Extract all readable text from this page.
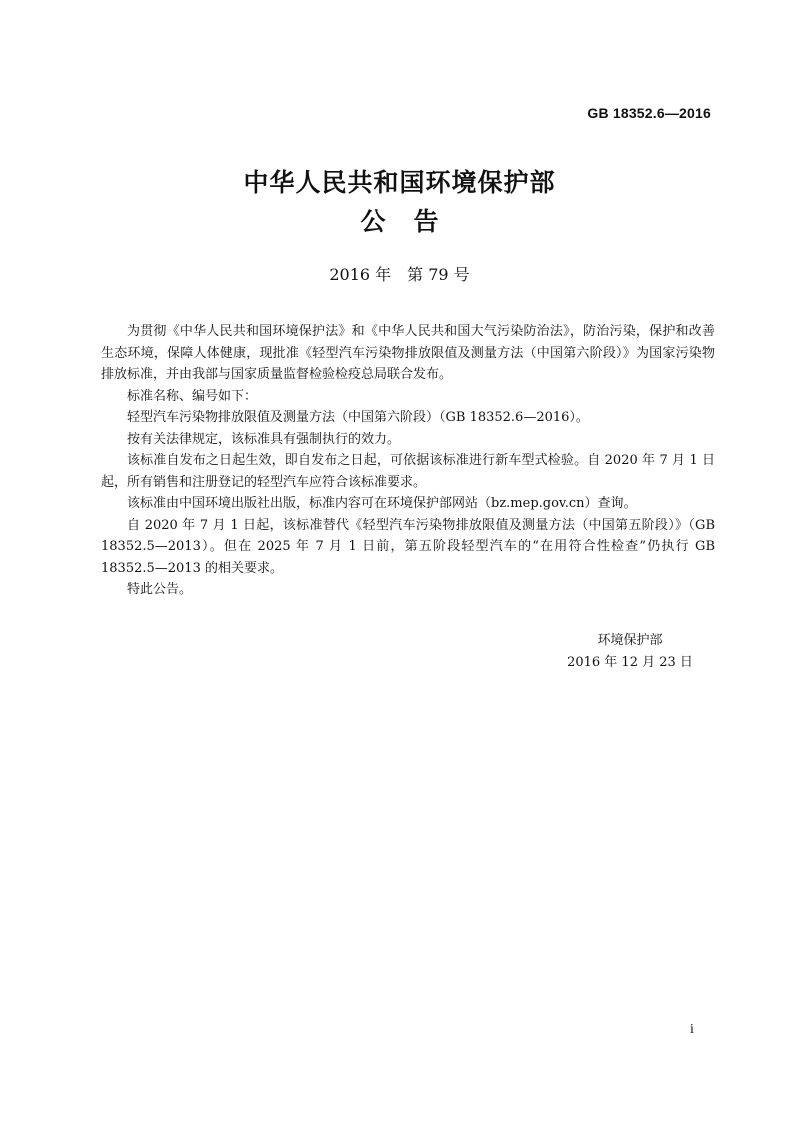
GB 18352.6—2016
中华人民共和国环境保护部
公 告
2016 年　第 79 号

为贯彻《中华人民共和国环境保护法》和《中华人民共和国大气污染防治法》，防治污染，保护和改善生态环境，保障人体健康，现批准《轻型汽车污染物排放限值及测量方法（中国第六阶段）》为国家污染物排放标准，并由我部与国家质量监督检验检疫总局联合发布。

标准名称、编号如下：

轻型汽车污染物排放限值及测量方法（中国第六阶段）（GB 18352.6—2016）。

按有关法律规定，该标准具有强制执行的效力。

该标准自发布之日起生效，即自发布之日起，可依据该标准进行新车型式检验。自 2020 年 7 月 1 日起，所有销售和注册登记的轻型汽车应符合该标准要求。

该标准由中国环境出版社出版，标准内容可在环境保护部网站（bz.mep.gov.cn）查询。

自 2020 年 7 月 1 日起，该标准替代《轻型汽车污染物排放限值及测量方法（中国第五阶段）》（GB 18352.5—2013）。但在 2025 年 7 月 1 日前，第五阶段轻型汽车的“在用符合性检查”仍执行 GB 18352.5—2013 的相关要求。

特此公告。

环境保护部
2016 年 12 月 23 日
i
